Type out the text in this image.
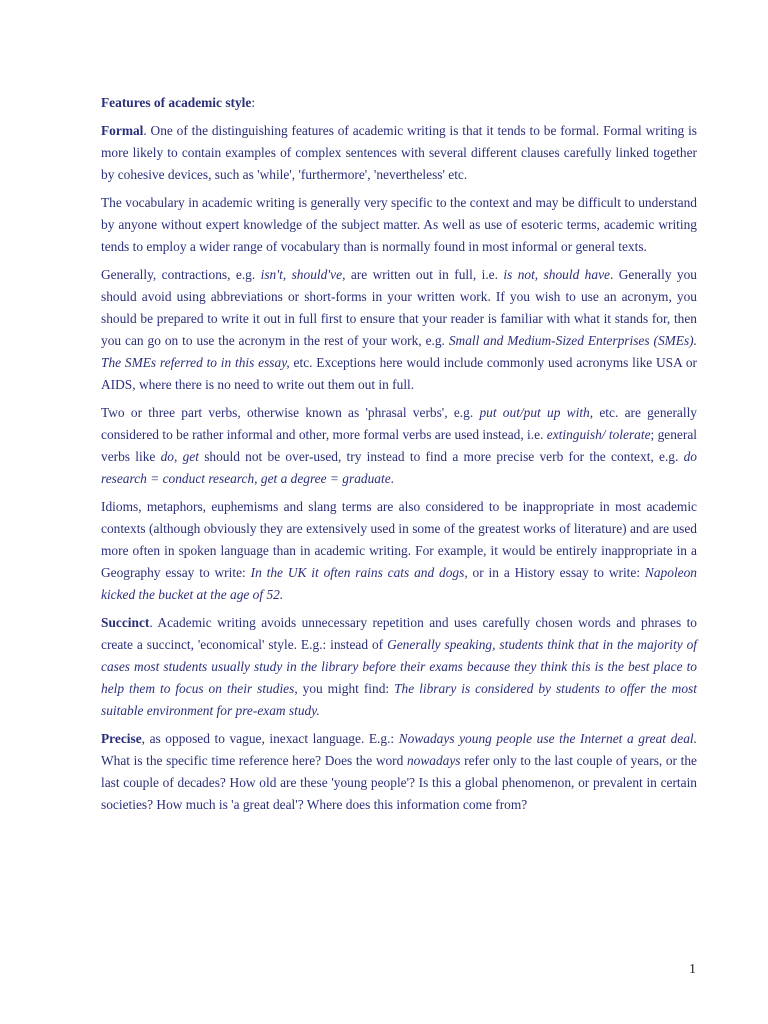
Features of academic style:

Formal. One of the distinguishing features of academic writing is that it tends to be formal. Formal writing is more likely to contain examples of complex sentences with several different clauses carefully linked together by cohesive devices, such as 'while', 'furthermore', 'nevertheless' etc.

The vocabulary in academic writing is generally very specific to the context and may be difficult to understand by anyone without expert knowledge of the subject matter. As well as use of esoteric terms, academic writing tends to employ a wider range of vocabulary than is normally found in most informal or general texts.

Generally, contractions, e.g. isn't, should've, are written out in full, i.e. is not, should have. Generally you should avoid using abbreviations or short-forms in your written work. If you wish to use an acronym, you should be prepared to write it out in full first to ensure that your reader is familiar with what it stands for, then you can go on to use the acronym in the rest of your work, e.g. Small and Medium-Sized Enterprises (SMEs). The SMEs referred to in this essay, etc. Exceptions here would include commonly used acronyms like USA or AIDS, where there is no need to write out them out in full.

Two or three part verbs, otherwise known as 'phrasal verbs', e.g. put out/put up with, etc. are generally considered to be rather informal and other, more formal verbs are used instead, i.e. extinguish/ tolerate; general verbs like do, get should not be over-used, try instead to find a more precise verb for the context, e.g. do research = conduct research, get a degree = graduate.

Idioms, metaphors, euphemisms and slang terms are also considered to be inappropriate in most academic contexts (although obviously they are extensively used in some of the greatest works of literature) and are used more often in spoken language than in academic writing. For example, it would be entirely inappropriate in a Geography essay to write: In the UK it often rains cats and dogs, or in a History essay to write: Napoleon kicked the bucket at the age of 52.

Succinct. Academic writing avoids unnecessary repetition and uses carefully chosen words and phrases to create a succinct, 'economical' style. E.g.: instead of Generally speaking, students think that in the majority of cases most students usually study in the library before their exams because they think this is the best place to help them to focus on their studies, you might find: The library is considered by students to offer the most suitable environment for pre-exam study.

Precise, as opposed to vague, inexact language. E.g.: Nowadays young people use the Internet a great deal. What is the specific time reference here? Does the word nowadays refer only to the last couple of years, or the last couple of decades? How old are these 'young people'? Is this a global phenomenon, or prevalent in certain societies? How much is 'a great deal'? Where does this information come from?

1
